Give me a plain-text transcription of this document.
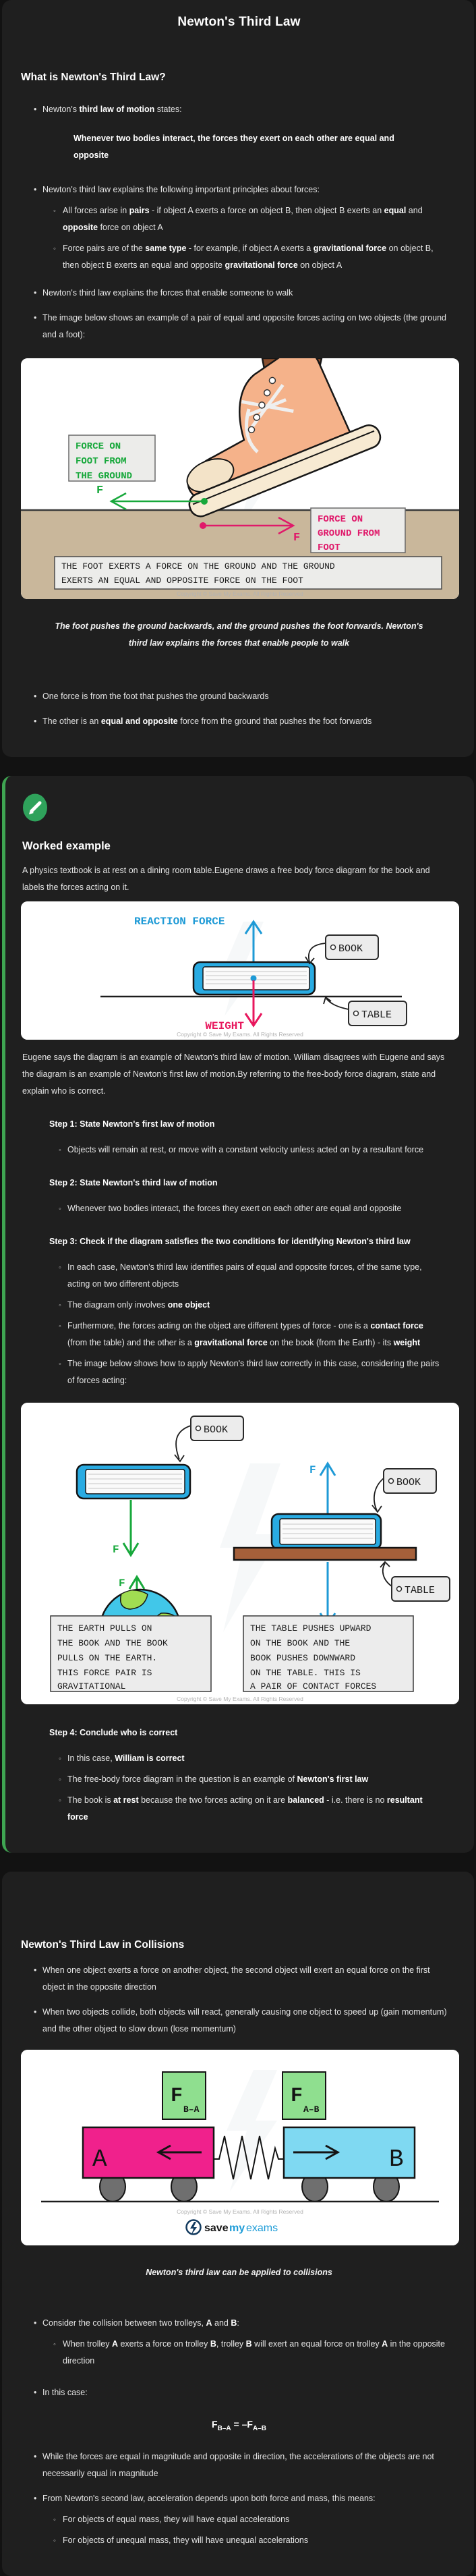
Newton's Third Law
What is Newton's Third Law?
• Newton's third law of motion states:
Whenever two bodies interact, the forces they exert on each other are equal and opposite
• Newton's third law explains the following important principles about forces:
◦ All forces arise in pairs - if object A exerts a force on object B, then object B exerts an equal and opposite force on object A
◦ Force pairs are of the same type - for example, if object A exerts a gravitational force on object B, then object B exerts an equal and opposite gravitational force on object A
• Newton's third law explains the forces that enable someone to walk
• The image below shows an example of a pair of equal and opposite forces acting on two objects (the ground and a foot):
FORCE ON
FOOT FROM
THE GROUND
F
F
FORCE ON
GROUND FROM
FOOT
THE FOOT EXERTS A FORCE ON THE GROUND AND THE GROUND
EXERTS AN EQUAL AND OPPOSITE FORCE ON THE FOOT
Copyright © Save My Exams. All Rights Reserved
The foot pushes the ground backwards, and the ground pushes the foot forwards. Newton's third law explains the forces that enable people to walk
• One force is from the foot that pushes the ground backwards
• The other is an equal and opposite force from the ground that pushes the foot forwards
Worked example

A physics textbook is at rest on a dining room table.Eugene draws a free body force diagram for the book and labels the forces acting on it.

REACTION FORCE
WEIGHT
BOOK
TABLE
Copyright © Save My Exams. All Rights Reserved

Eugene says the diagram is an example of Newton's third law of motion. William disagrees with Eugene and says the diagram is an example of Newton's first law of motion.By referring to the free-body force diagram, state and explain who is correct.

Step 1: State Newton's first law of motion
◦ Objects will remain at rest, or move with a constant velocity unless acted on by a resultant force
Step 2: State Newton's third law of motion
◦ Whenever two bodies interact, the forces they exert on each other are equal and opposite
Step 3: Check if the diagram satisfies the two conditions for identifying Newton's third law
◦ In each case, Newton's third law identifies pairs of equal and opposite forces, of the same type, acting on two different objects
◦ The diagram only involves one object
◦ Furthermore, the forces acting on the object are different types of force - one is a contact force (from the table) and the other is a gravitational force on the book (from the Earth) - its weight
◦ The image below shows how to apply Newton's third law correctly in this case, considering the pairs of forces acting:
BOOK
F
F
THE EARTH PULLS ON
THE BOOK AND THE BOOK
PULLS ON THE EARTH.
THIS FORCE PAIR IS
GRAVITATIONAL
F
BOOK
TABLE
THE TABLE PUSHES UPWARD
ON THE BOOK AND THE
BOOK PUSHES DOWNWARD
ON THE TABLE. THIS IS
A PAIR OF CONTACT FORCES
Copyright © Save My Exams. All Rights Reserved
Step 4: Conclude who is correct
◦ In this case, William is correct
◦ The free-body force diagram in the question is an example of Newton's first law
◦ The book is at rest because the two forces acting on it are balanced - i.e. there is no resultant force
Newton's Third Law in Collisions
• When one object exerts a force on another object, the second object will exert an equal force on the first object in the opposite direction
• When two objects collide, both objects will react, generally causing one object to speed up (gain momentum) and the other object to slow down (lose momentum)
F
B–A
F
A–B
A	B
Copyright © Save My Exams. All Rights Reserved
save my exams
Newton's third law can be applied to collisions
• Consider the collision between two trolleys, A and B:
◦ When trolley A exerts a force on trolley B, trolley B will exert an equal force on trolley A in the opposite direction
• In this case:
$F_{B-A} = -F_{A-B}$
• While the forces are equal in magnitude and opposite in direction, the accelerations of the objects are not necessarily equal in magnitude
• From Newton's second law, acceleration depends upon both force and mass, this means:
◦ For objects of equal mass, they will have equal accelerations
◦ For objects of unequal mass, they will have unequal accelerations
